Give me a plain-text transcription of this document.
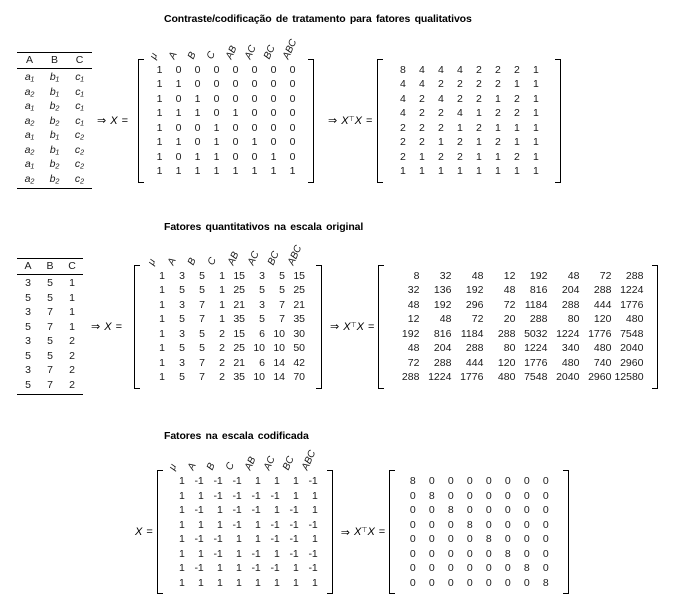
Contraste/codificação de tratamento para fatores qualitativos
A B C
a₁ b₁ c₁
a₂ b₁ c₁
a₁ b₂ c₁
a₂ b₂ c₁
a₁ b₁ c₂
a₂ b₁ c₂
a₁ b₂ c₂
a₂ b₂ c₂
⇒ X =
μ A B C AB AC BC ABC
1	0	0	0	0	0	0	0
1	1	0	0	0	0	0	0
1	0	1	0	0	0	0	0
1	1	1	0	1	0	0	0
1	0	0	1	0	0	0	0
1	1	0	1	0	1	0	0
1	0	1	1	0	0	1	0
1	1	1	1	1	1	1	1
⇒ X⊤ X =
8	4	4	4	2	2	2	1
4	4	2	2	2	2	1	1
4	2	4	2	2	1	2	1
4	2	2	4	1	2	2	1
2	2	2	1	2	1	1	1
2	2	1	2	1	2	1	1
2	1	2	2	1	1	2	1
1	1	1	1	1	1	1	1
Fatores quantitativos na escala original
A B C
3 5 1
5 5 1
3 7 1
5 7 1
3 5 2
5 5 2
3 7 2
5 7 2
⇒ X =
μ A B C AB AC BC ABC
1	3	5	1 15	3	5 15
1	5	5	1 25	5	5 25
1	3	7	1 21	3	7 21
1	5	7	1 35	5	7 35
1	3	5	2 15	6 10 30
1	5	5	2 25 10 10 50
1	3	7	2 21	6 14 42
1	5	7	2 35 10 14 70
⇒ X⊤ X =
8	32	48	12	192	48	72	288
32	136	192	48	816	204	288 1224
48	192	296	72 1184	288	444 1776
12	48	72	20	288	80	120	480
192	816 1184	288 5032 1224 1776 7548
48	204	288	80 1224	340	480 2040
72	288	444	120 1776	480	740 2960
288 1224 1776	480 7548 2040 2960 12580
Fatores na escala codificada
X =
μ A B C AB AC BC ABC
1 -1 -1 -1	1	1	1 -1
1	1 -1 -1 -1 -1	1	1
1 -1	1 -1 -1	1 -1	1
1	1	1 -1	1 -1 -1 -1
1 -1 -1	1	1 -1 -1	1
1	1 -1	1 -1	1 -1 -1
1 -1	1	1 -1 -1	1 -1
1	1	1	1	1	1	1	1
⇒ X⊤ X =
8	0	0	0	0	0	0	0
0	8	0	0	0	0	0	0
0	0	8	0	0	0	0	0
0	0	0	8	0	0	0	0
0	0	0	0	8	0	0	0
0	0	0	0	0	8	0	0
0	0	0	0	0	0	8	0
0	0	0	0	0	0	0	8
